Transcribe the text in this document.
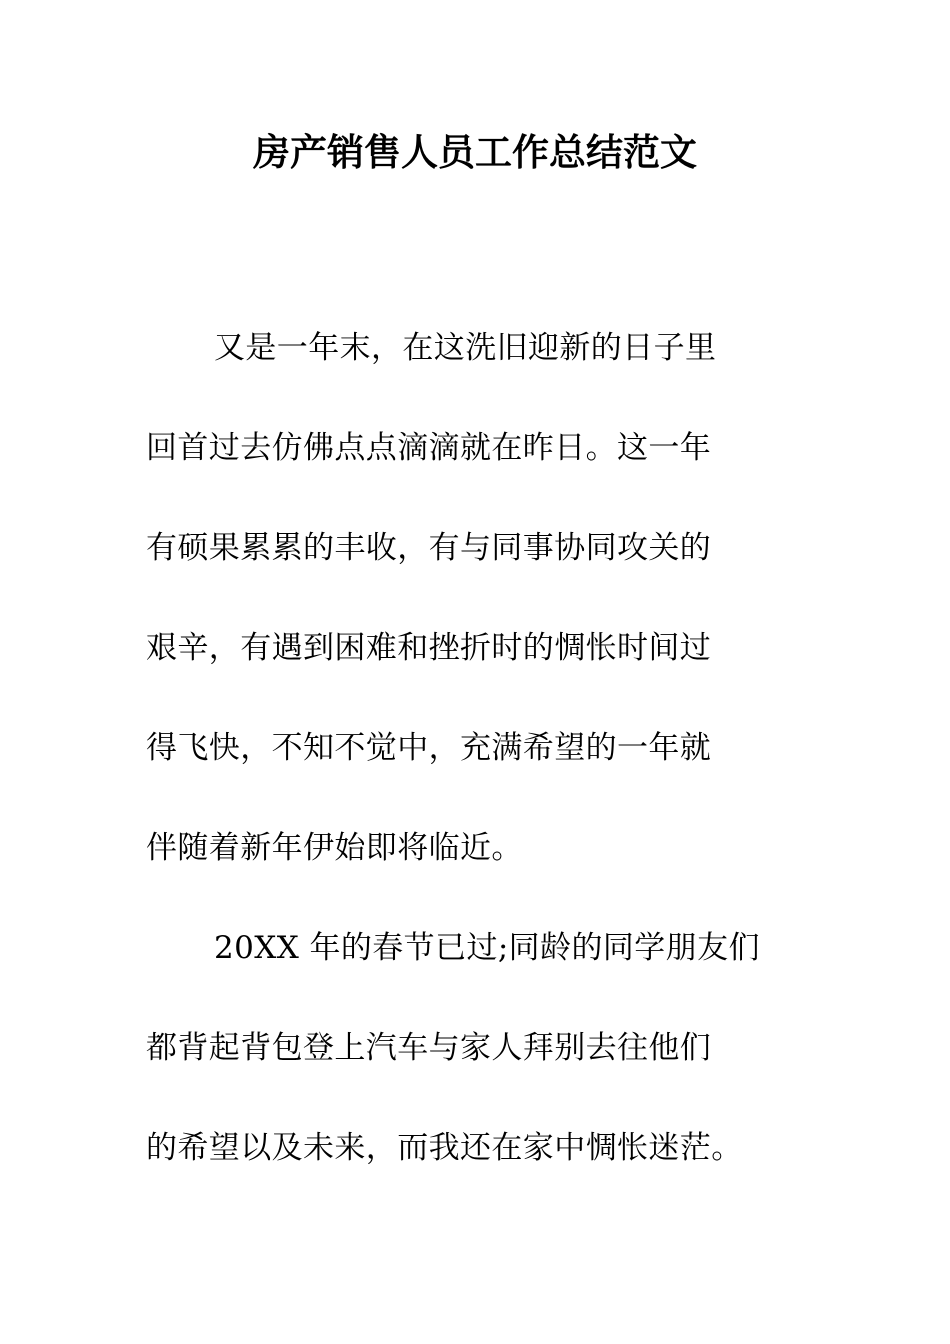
房产销售人员工作总结范文
又是一年末，在这洗旧迎新的日子里
回首过去仿佛点点滴滴就在昨日。这一年
有硕果累累的丰收，有与同事协同攻关的
艰辛，有遇到困难和挫折时的惆怅时间过
得飞快，不知不觉中，充满希望的一年就
伴随着新年伊始即将临近。
20XX 年的春节已过;同龄的同学朋友们
都背起背包登上汽车与家人拜别去往他们
的希望以及未来，而我还在家中惆怅迷茫。
